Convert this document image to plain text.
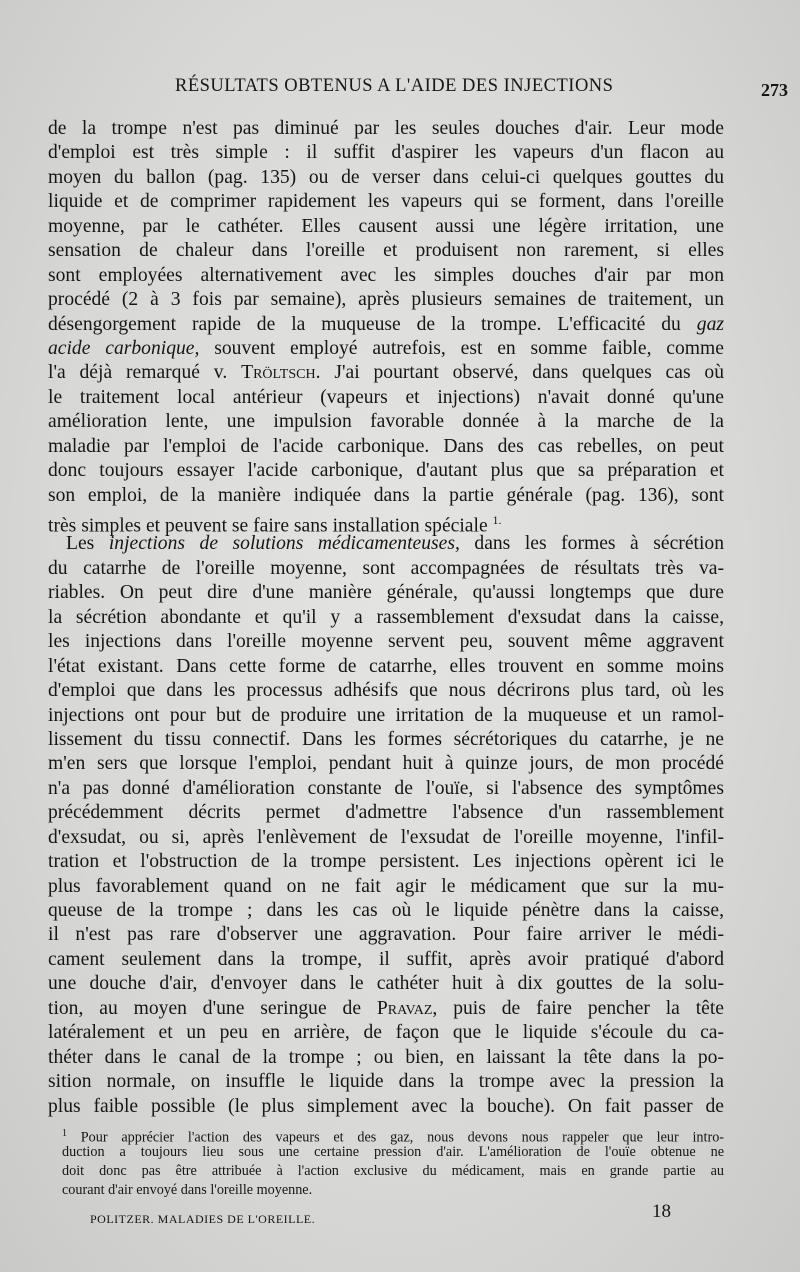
RÉSULTATS OBTENUS A L'AIDE DES INJECTIONS	273
de la trompe n'est pas diminué par les seules douches d'air. Leur mode
d'emploi est très simple : il suffit d'aspirer les vapeurs d'un flacon au
moyen du ballon (pag. 135) ou de verser dans celui-ci quelques gouttes du
liquide et de comprimer rapidement les vapeurs qui se forment, dans l'oreille
moyenne, par le cathéter. Elles causent aussi une légère irritation, une
sensation de chaleur dans l'oreille et produisent non rarement, si elles
sont employées alternativement avec les simples douches d'air par mon
procédé (2 à 3 fois par semaine), après plusieurs semaines de traitement, un
désengorgement rapide de la muqueuse de la trompe. L'efficacité du gaz
acide carbonique, souvent employé autrefois, est en somme faible, comme
l'a déjà remarqué v. Tröltsch. J'ai pourtant observé, dans quelques cas où
le traitement local antérieur (vapeurs et injections) n'avait donné qu'une
amélioration lente, une impulsion favorable donnée à la marche de la
maladie par l'emploi de l'acide carbonique. Dans des cas rebelles, on peut
donc toujours essayer l'acide carbonique, d'autant plus que sa préparation et
son emploi, de la manière indiquée dans la partie générale (pag. 136), sont
très simples et peuvent se faire sans installation spéciale $^{1.}$
Les injections de solutions médicamenteuses, dans les formes à sécrétion
du catarrhe de l'oreille moyenne, sont accompagnées de résultats très va-
riables. On peut dire d'une manière générale, qu'aussi longtemps que dure
la sécrétion abondante et qu'il y a rassemblement d'exsudat dans la caisse,
les injections dans l'oreille moyenne servent peu, souvent même aggravent
l'état existant. Dans cette forme de catarrhe, elles trouvent en somme moins
d'emploi que dans les processus adhésifs que nous décrirons plus tard, où les
injections ont pour but de produire une irritation de la muqueuse et un ramol-
lissement du tissu connectif. Dans les formes sécrétoriques du catarrhe, je ne
m'en sers que lorsque l'emploi, pendant huit à quinze jours, de mon procédé
n'a pas donné d'amélioration constante de l'ouïe, si l'absence des symptômes
précédemment décrits permet d'admettre l'absence d'un rassemblement
d'exsudat, ou si, après l'enlèvement de l'exsudat de l'oreille moyenne, l'infil-
tration et l'obstruction de la trompe persistent. Les injections opèrent ici le
plus favorablement quand on ne fait agir le médicament que sur la mu-
queuse de la trompe ; dans les cas où le liquide pénètre dans la caisse,
il n'est pas rare d'observer une aggravation. Pour faire arriver le médi-
cament seulement dans la trompe, il suffit, après avoir pratiqué d'abord
une douche d'air, d'envoyer dans le cathéter huit à dix gouttes de la solu-
tion, au moyen d'une seringue de Pravaz, puis de faire pencher la tête
latéralement et un peu en arrière, de façon que le liquide s'écoule du ca-
théter dans le canal de la trompe ; ou bien, en laissant la tête dans la po-
sition normale, on insuffle le liquide dans la trompe avec la pression la
plus faible possible (le plus simplement avec la bouche). On fait passer de
$^1$ Pour apprécier l'action des vapeurs et des gaz, nous devons nous rappeler que leur intro-
duction a toujours lieu sous une certaine pression d'air. L'amélioration de l'ouïe obtenue ne
doit donc pas être attribuée à l'action exclusive du médicament, mais en grande partie au
courant d'air envoyé dans l'oreille moyenne.
POLITZER. MALADIES DE L'OREILLE.	18
